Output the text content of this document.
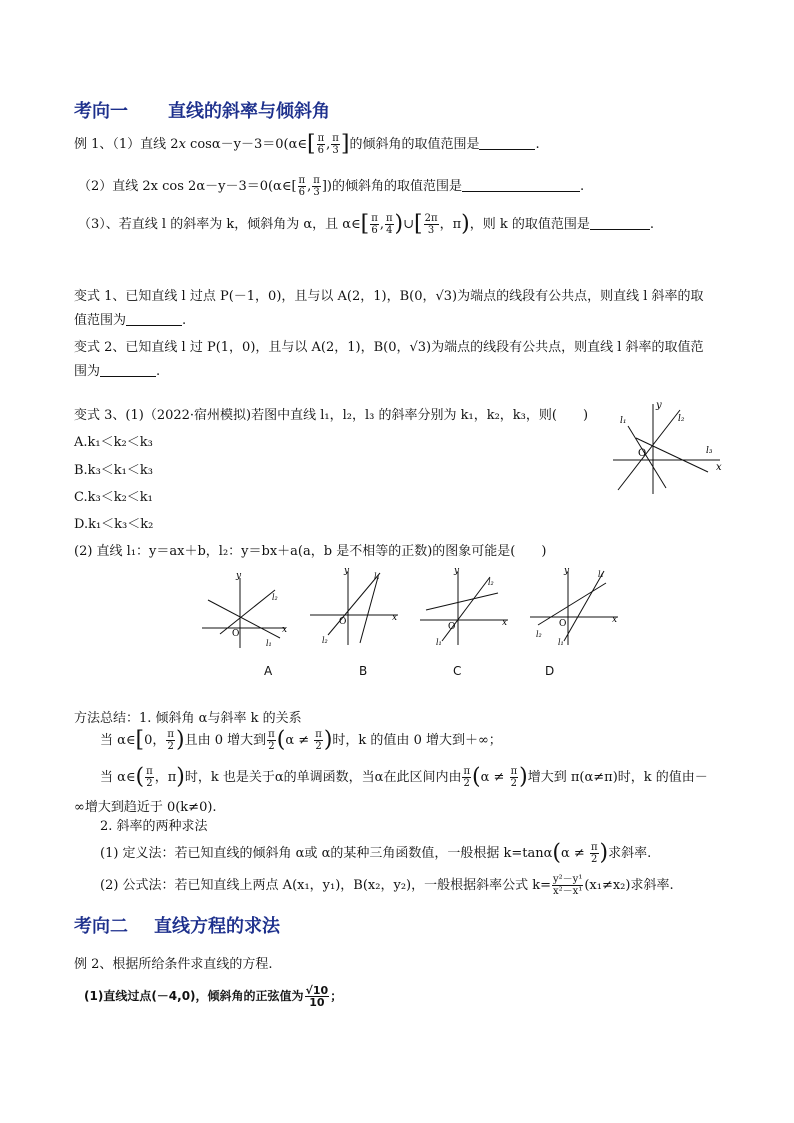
考向一 直线的斜率与倾斜角
例 1、（1）直线 2x cosα－y－3＝0(α∈[ $\frac{\pi}{6}$ , $\frac{\pi}{3}$ ]的倾斜角的取值范围是	.
（2）直线 2x cos 2α－y－3＝0(α∈[ $\frac{\pi}{6}$ , $\frac{\pi}{3}$ ])的倾斜角的取值范围是	.
（3）、若直线 l 的斜率为 k，倾斜角为 α，且 α∈[ $\frac{\pi}{6}$ , $\frac{\pi}{4}$ )∪[ $\frac{2\pi}{3}$ ，π)，则 k 的取值范围是	.
变式 1、已知直线 l 过点 P(－1，0)，且与以 A(2，1)，B(0，√3)为端点的线段有公共点，则直线 l 斜率的取
值范围为	.
变式 2、已知直线 l 过 P(1，0)，且与以 A(2，1)，B(0，√3)为端点的线段有公共点，则直线 l 斜率的取值范
围为	.
变式 3、(1)（2022·宿州模拟)若图中直线 l₁，l₂，l₃ 的斜率分别为 k₁，k₂，k₃，则(　　)
A.k₁＜k₂＜k₃
B.k₃＜k₁＜k₃
C.k₃＜k₂＜k₁
D.k₁＜k₃＜k₂
y
x
O
l₁	l₂
l₃
(2) 直线 l₁：y＝ax＋b，l₂：y＝bx＋a(a，b 是不相等的正数)的图象可能是(　　)
y
x
O
l₂
l₁
y
x
O
l₁
l₂
y
x
O
l₂
l₁
y
x
O
l₁
l₂
l₁
A	B	C	D
方法总结：1. 倾斜角 α与斜率 k 的关系
当 α∈[0， $\frac{\pi}{2}$ )且由 0 增大到 $\frac{\pi}{2} (\alpha \ne \frac{\pi}{2}$ )时，k 的值由 0 增大到＋∞；
当 α∈( $\frac{\pi}{2}$ ，π)时，k 也是关于α的单调函数，当α在此区间内由 $\frac{\pi}{2} (\alpha \ne \frac{\pi}{2}$ )增大到 π(α≠π)时，k 的值由－
∞增大到趋近于 0(k≠0).
2. 斜率的两种求法
(1) 定义法：若已知直线的倾斜角 α或 α的某种三角函数值，一般根据 $k=\tan\alpha(\alpha \ne \frac{\pi}{2}$ )求斜率.
(2) 公式法：若已知直线上两点 A(x₁，y₁)，B(x₂，y₂)，一般根据斜率公式 $k= \frac{\text{y²－y¹}}{\text{x²－x¹}} (x_1\ne x_2)$求斜率.
考向二 直线方程的求法
例 2、根据所给条件求直线的方程.
(1)直线过点(－4,0)，倾斜角的正弦值为 $\frac{√10}{10}$ ；
